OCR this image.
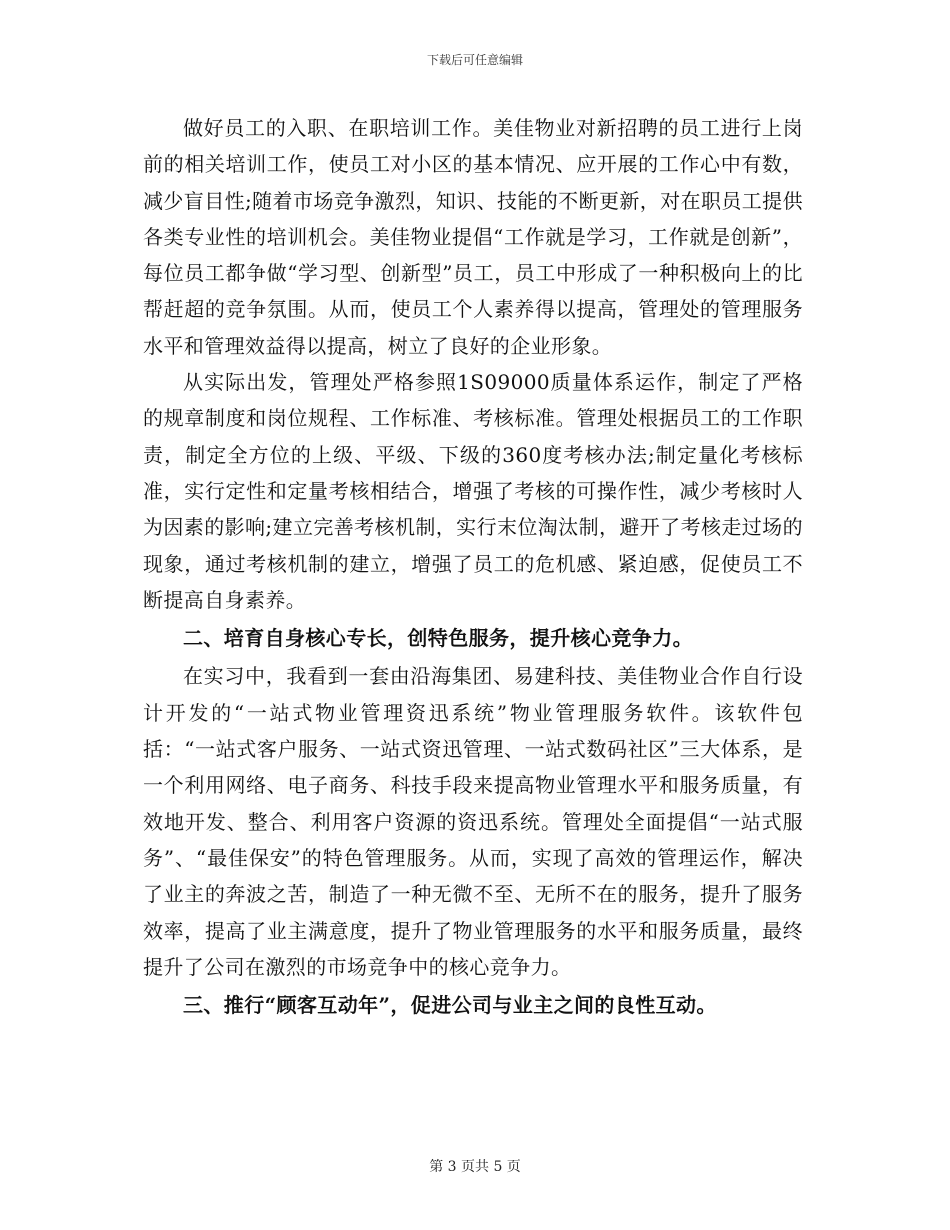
下载后可任意编辑

做好员工的入职、在职培训工作。美佳物业对新招聘的员工进行上岗前的相关培训工作，使员工对小区的基本情况、应开展的工作心中有数，减少盲目性;随着市场竞争激烈，知识、技能的不断更新，对在职员工提供各类专业性的培训机会。美佳物业提倡“工作就是学习，工作就是创新”，每位员工都争做“学习型、创新型”员工，员工中形成了一种积极向上的比帮赶超的竞争氛围。从而，使员工个人素养得以提高，管理处的管理服务水平和管理效益得以提高，树立了良好的企业形象。

从实际出发，管理处严格参照1S09000质量体系运作，制定了严格的规章制度和岗位规程、工作标准、考核标准。管理处根据员工的工作职责，制定全方位的上级、平级、下级的360度考核办法;制定量化考核标准，实行定性和定量考核相结合，增强了考核的可操作性，减少考核时人为因素的影响;建立完善考核机制，实行末位淘汰制，避开了考核走过场的现象，通过考核机制的建立，增强了员工的危机感、紧迫感，促使员工不断提高自身素养。

二、培育自身核心专长，创特色服务，提升核心竞争力。

在实习中，我看到一套由沿海集团、易建科技、美佳物业合作自行设计开发的“一站式物业管理资迅系统”物业管理服务软件。该软件包括：“一站式客户服务、一站式资迅管理、一站式数码社区”三大体系，是一个利用网络、电子商务、科技手段来提高物业管理水平和服务质量，有效地开发、整合、利用客户资源的资迅系统。管理处全面提倡“一站式服务”、“最佳保安”的特色管理服务。从而，实现了高效的管理运作，解决了业主的奔波之苦，制造了一种无微不至、无所不在的服务，提升了服务效率，提高了业主满意度，提升了物业管理服务的水平和服务质量，最终提升了公司在激烈的市场竞争中的核心竞争力。

三、推行“顾客互动年”，促进公司与业主之间的良性互动。

第 3 页共 5 页
